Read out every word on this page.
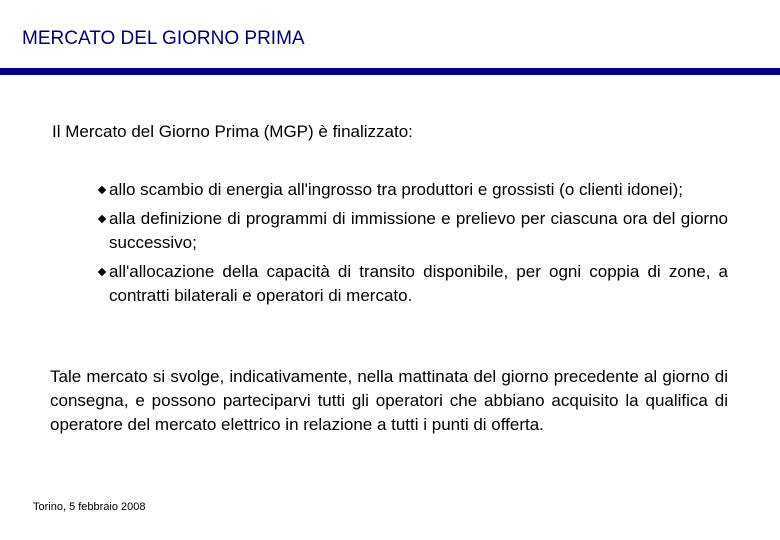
MERCATO DEL GIORNO PRIMA
Il Mercato del Giorno Prima (MGP) è finalizzato:
allo scambio di energia all'ingrosso tra produttori e grossisti (o clienti idonei);
alla definizione di programmi di immissione e prelievo per ciascuna ora del giorno successivo;
all'allocazione della capacità di transito disponibile, per ogni coppia di zone, a contratti bilaterali e operatori di mercato.
Tale mercato si svolge, indicativamente, nella mattinata del giorno precedente al giorno di consegna, e possono parteciparvi tutti gli operatori che abbiano acquisito la qualifica di operatore del mercato elettrico in relazione a tutti i punti di offerta.
Torino, 5 febbraio 2008
